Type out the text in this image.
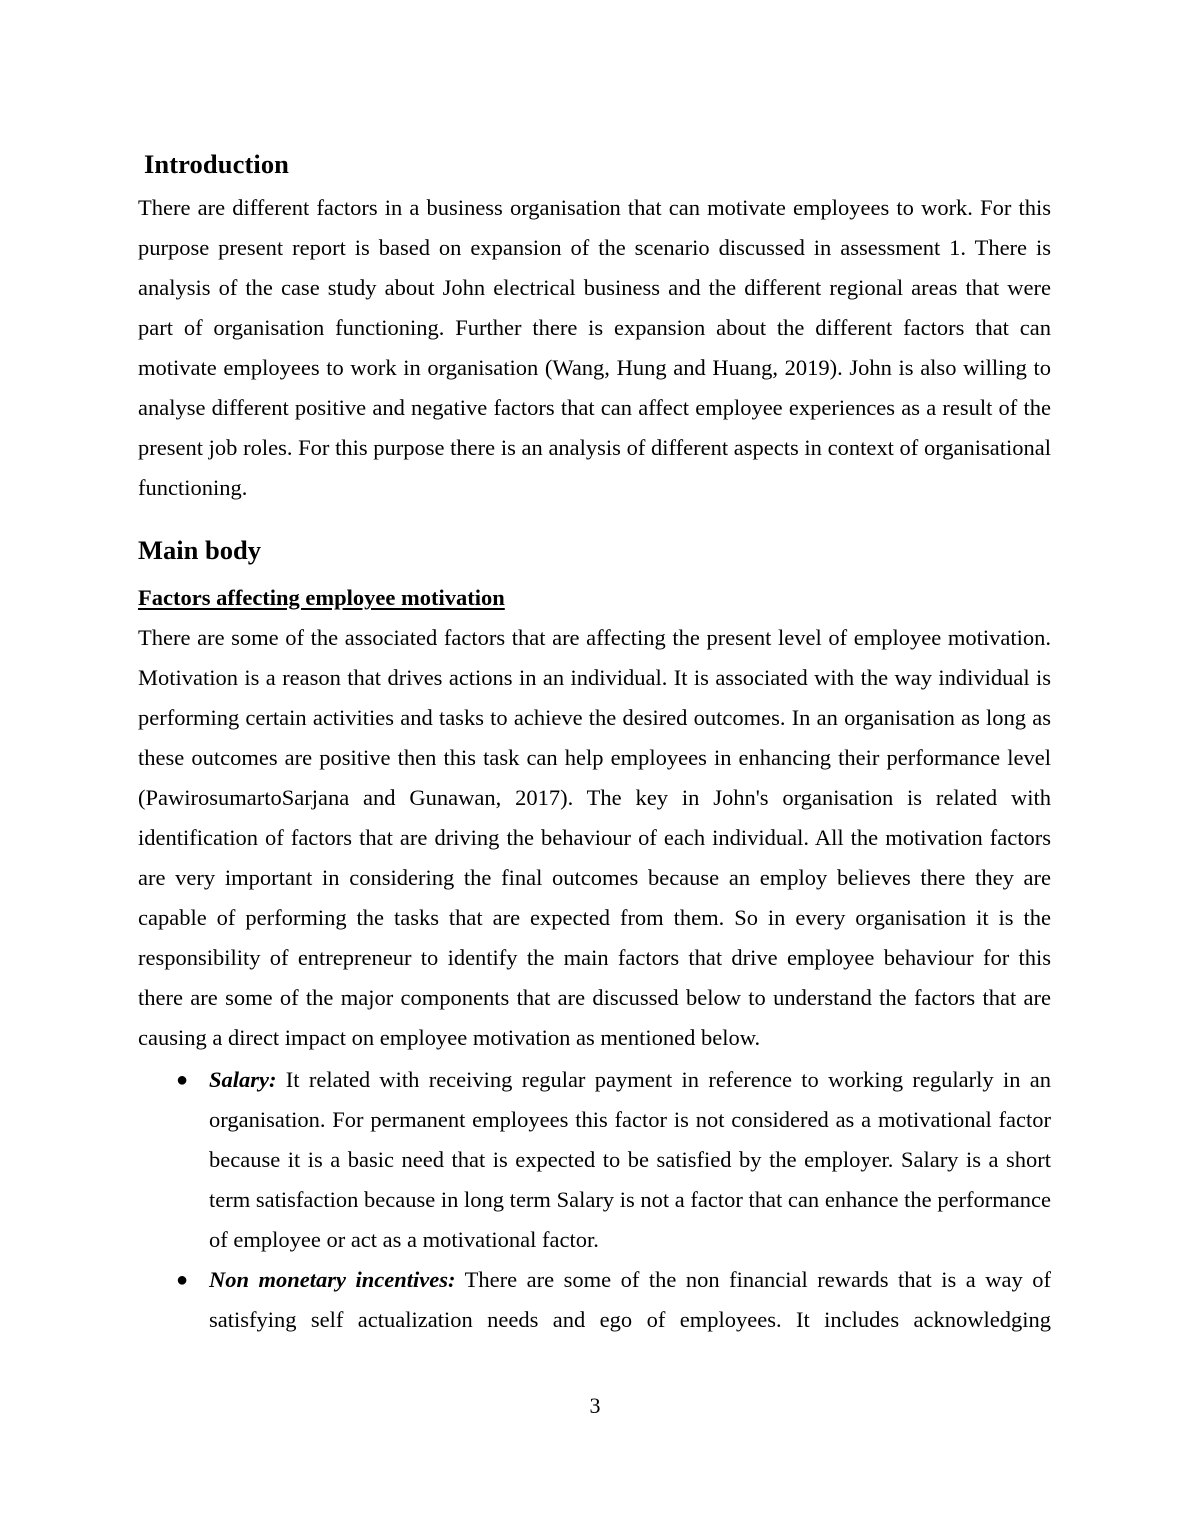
Introduction

There are different factors in a business organisation that can motivate employees to work. For this purpose present report is based on expansion of the scenario discussed in assessment 1. There is analysis of the case study about John electrical business and the different regional areas that were part of organisation functioning. Further there is expansion about the different factors that can motivate employees to work in organisation (Wang, Hung and Huang, 2019). John is also willing to analyse different positive and negative factors that can affect employee experiences as a result of the present job roles. For this purpose there is an analysis of different aspects in context of organisational functioning.

Main body
Factors affecting employee motivation

There are some of the associated factors that are affecting the present level of employee motivation. Motivation is a reason that drives actions in an individual. It is associated with the way individual is performing certain activities and tasks to achieve the desired outcomes. In an organisation as long as these outcomes are positive then this task can help employees in enhancing their performance level (PawirosumartoSarjana and Gunawan, 2017). The key in John's organisation is related with identification of factors that are driving the behaviour of each individual. All the motivation factors are very important in considering the final outcomes because an employ believes there they are capable of performing the tasks that are expected from them. So in every organisation it is the responsibility of entrepreneur to identify the main factors that drive employee behaviour for this there are some of the major components that are discussed below to understand the factors that are causing a direct impact on employee motivation as mentioned below.

● Salary: It related with receiving regular payment in reference to working regularly in an organisation. For permanent employees this factor is not considered as a motivational factor because it is a basic need that is expected to be satisfied by the employer. Salary is a short term satisfaction because in long term Salary is not a factor that can enhance the performance of employee or act as a motivational factor.
● Non monetary incentives: There are some of the non financial rewards that is a way of satisfying self actualization needs and ego of employees. It includes acknowledging
3
